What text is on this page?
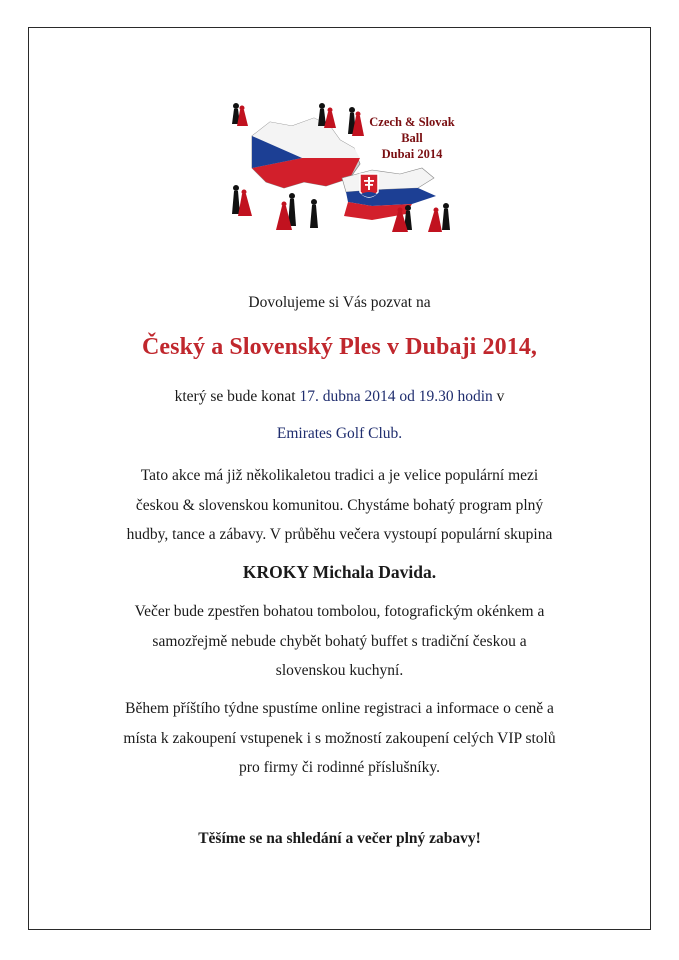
Czech & Slovak
Ball
Dubai 2014
Dovolujeme si Vás pozvat na
Český a Slovenský Ples v Dubaji 2014,
který se bude konat 17. dubna 2014 od 19.30 hodin v
Emirates Golf Club.
Tato akce má již několikaletou tradici a je velice populární mezi
českou & slovenskou komunitou. Chystáme bohatý program plný
hudby, tance a zábavy. V průběhu večera vystoupí populární skupina
KROKY Michala Davida.
Večer bude zpestřen bohatou tombolou, fotografickým okénkem a
samozřejmě nebude chybět bohatý buffet s tradiční českou a
slovenskou kuchyní.
Během příštího týdne spustíme online registraci a informace o ceně a
místa k zakoupení vstupenek i s možností zakoupení celých VIP stolů
pro firmy či rodinné příslušníky.
Těšíme se na shledání a večer plný zabavy!
